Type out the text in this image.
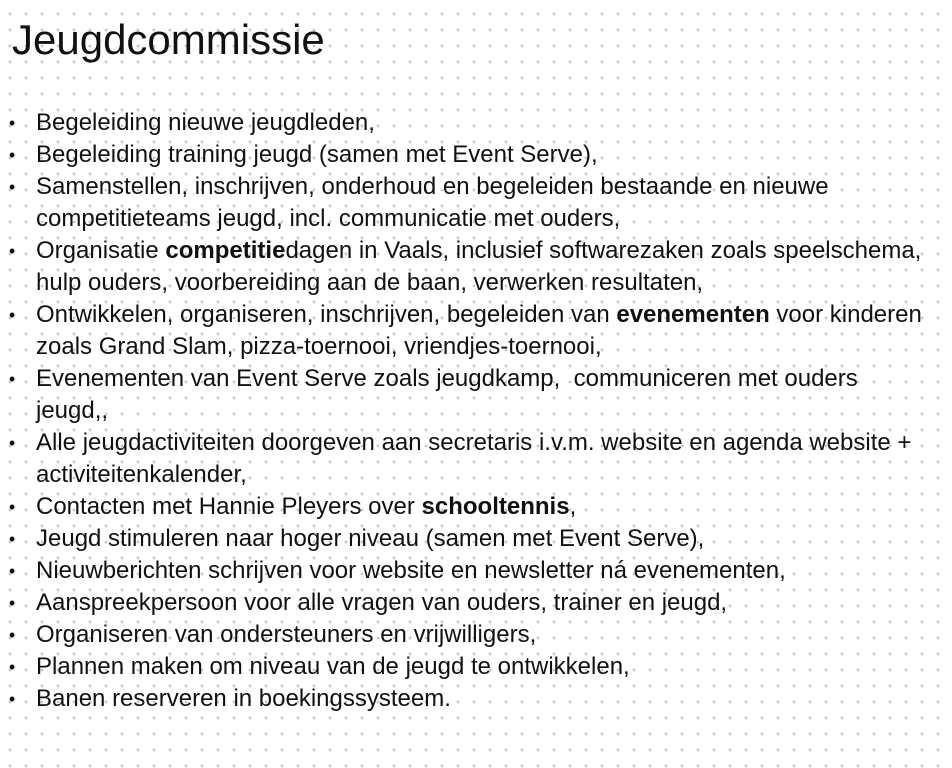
Jeugdcommissie
• Begeleiding nieuwe jeugdleden,
• Begeleiding training jeugd (samen met Event Serve),
• Samenstellen, inschrijven, onderhoud en begeleiden bestaande en nieuwe competitieteams jeugd, incl. communicatie met ouders,
• Organisatie competitiedagen in Vaals, inclusief softwarezaken zoals speelschema, hulp ouders, voorbereiding aan de baan, verwerken resultaten,
• Ontwikkelen, organiseren, inschrijven, begeleiden van evenementen voor kinderen zoals Grand Slam, pizza-toernooi, vriendjes-toernooi,
• Evenementen van Event Serve zoals jeugdkamp,  communiceren met ouders jeugd,,
• Alle jeugdactiviteiten doorgeven aan secretaris i.v.m. website en agenda website + activiteitenkalender,
• Contacten met Hannie Pleyers over schooltennis,
• Jeugd stimuleren naar hoger niveau (samen met Event Serve),
• Nieuwberichten schrijven voor website en newsletter ná evenementen,
• Aanspreekpersoon voor alle vragen van ouders, trainer en jeugd,
• Organiseren van ondersteuners en vrijwilligers,
• Plannen maken om niveau van de jeugd te ontwikkelen,
• Banen reserveren in boekingssysteem.
